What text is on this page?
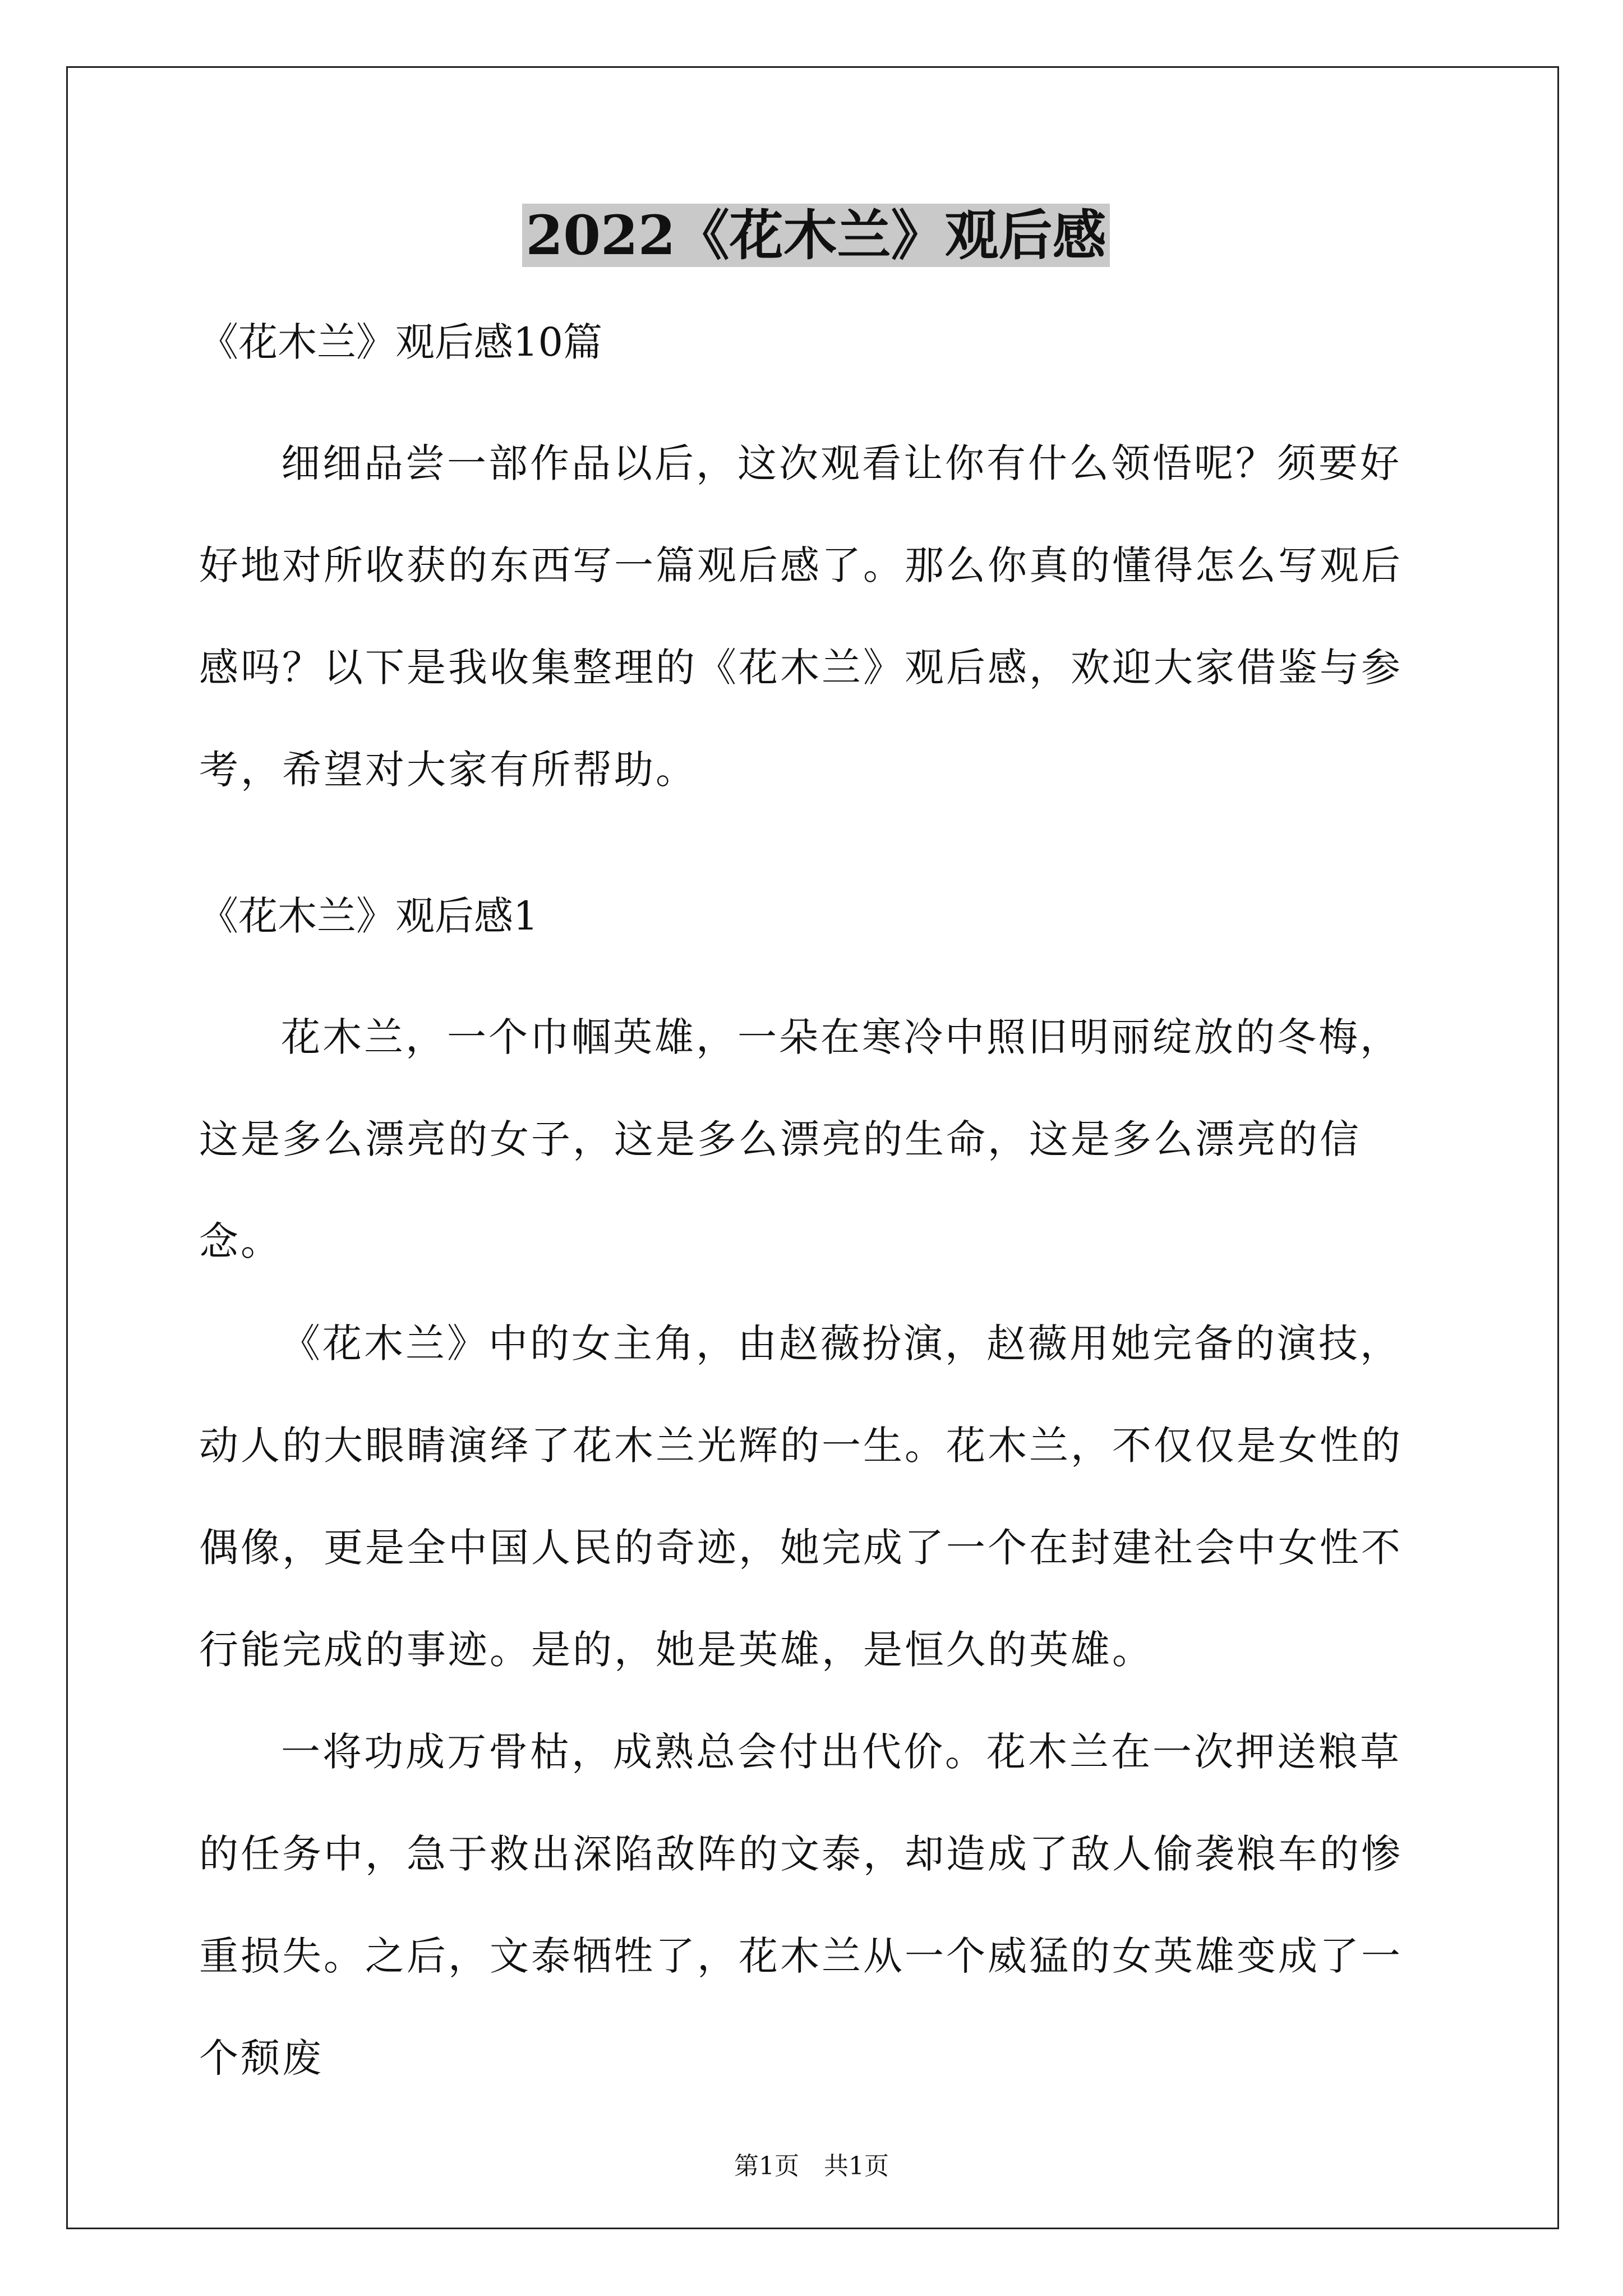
2022《花木兰》观后感
《花木兰》观后感10篇

细细品尝一部作品以后，这次观看让你有什么领悟呢？须要好好地对所收获的东西写一篇观后感了。那么你真的懂得怎么写观后感吗？以下是我收集整理的《花木兰》观后感，欢迎大家借鉴与参考，希望对大家有所帮助。

《花木兰》观后感1

花木兰，一个巾帼英雄，一朵在寒冷中照旧明丽绽放的冬梅，这是多么漂亮的女子，这是多么漂亮的生命，这是多么漂亮的信念。

《花木兰》中的女主角，由赵薇扮演，赵薇用她完备的演技，动人的大眼睛演绎了花木兰光辉的一生。花木兰，不仅仅是女性的偶像，更是全中国人民的奇迹，她完成了一个在封建社会中女性不行能完成的事迹。是的，她是英雄，是恒久的英雄。

一将功成万骨枯，成熟总会付出代价。花木兰在一次押送粮草的任务中，急于救出深陷敌阵的文泰，却造成了敌人偷袭粮车的惨重损失。之后，文泰牺牲了，花木兰从一个威猛的女英雄变成了一个颓废

第1页　共1页
